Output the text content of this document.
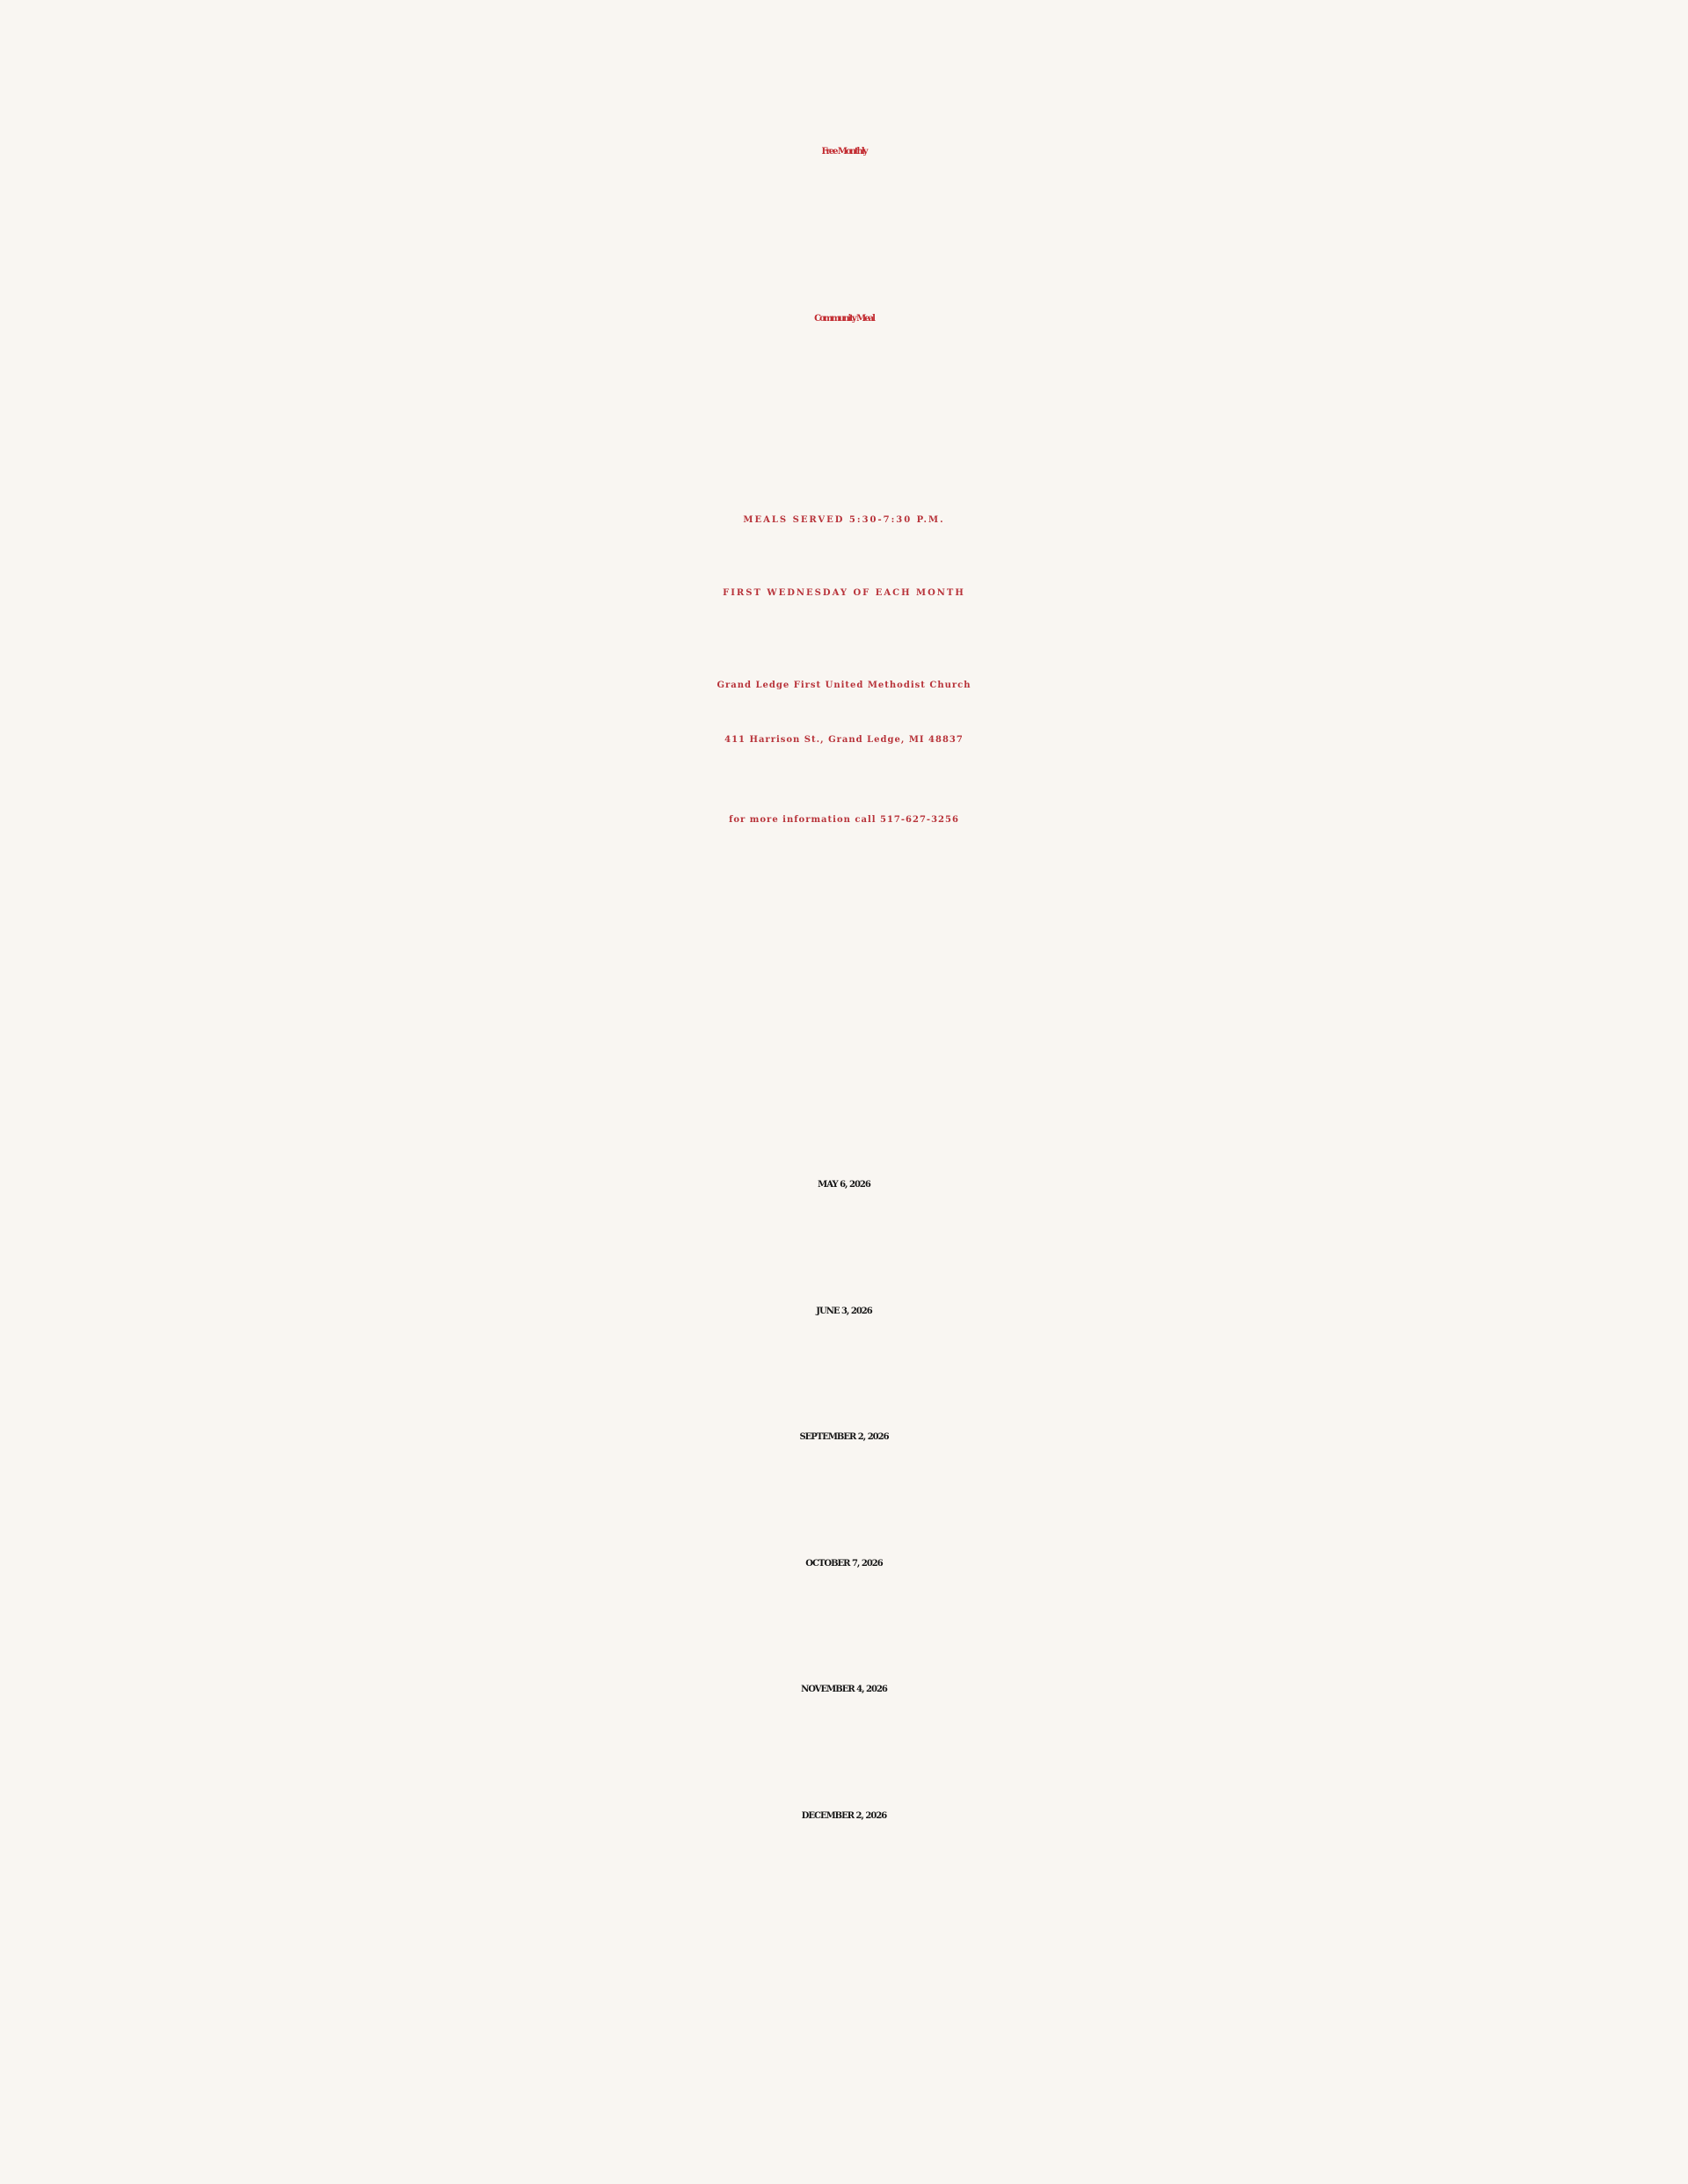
Free Monthly
Community Meal
MEALS SERVED 5:30-7:30 P.M.
FIRST WEDNESDAY OF EACH MONTH
Grand Ledge First United Methodist Church
411 Harrison St., Grand Ledge, MI 48837
for more information call 517-627-3256
MAY 6, 2026
JUNE 3, 2026
SEPTEMBER 2, 2026
OCTOBER 7, 2026
NOVEMBER 4, 2026
DECEMBER 2, 2026
